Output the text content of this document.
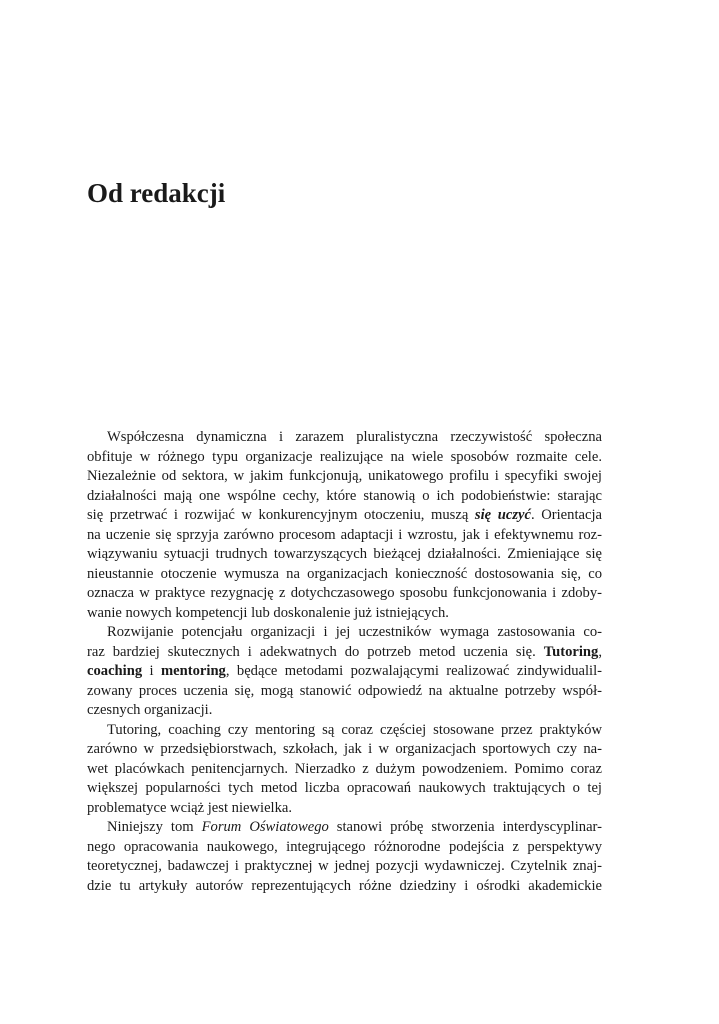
Od redakcji
Współczesna dynamiczna i zarazem pluralistyczna rzeczywistość społeczna
obfituje w różnego typu organizacje realizujące na wiele sposobów rozmaite cele.
Niezależnie od sektora, w jakim funkcjonują, unikatowego profilu i specyfiki swojej
działalności mają one wspólne cechy, które stanowią o ich podobieństwie: starając
się przetrwać i rozwijać w konkurencyjnym otoczeniu, muszą się uczyć. Orientacja
na uczenie się sprzyja zarówno procesom adaptacji i wzrostu, jak i efektywnemu roz-
wiązywaniu sytuacji trudnych towarzyszących bieżącej działalności. Zmieniające się
nieustannie otoczenie wymusza na organizacjach konieczność dostosowania się, co
oznacza w praktyce rezygnację z dotychczasowego sposobu funkcjonowania i zdoby-
wanie nowych kompetencji lub doskonalenie już istniejących.
Rozwijanie potencjału organizacji i jej uczestników wymaga zastosowania co-
raz bardziej skutecznych i adekwatnych do potrzeb metod uczenia się. Tutoring,
coaching i mentoring, będące metodami pozwalającymi realizować zindywidualil-
zowany proces uczenia się, mogą stanowić odpowiedź na aktualne potrzeby współ-
czesnych organizacji.
Tutoring, coaching czy mentoring są coraz częściej stosowane przez praktyków
zarówno w przedsiębiorstwach, szkołach, jak i w organizacjach sportowych czy na-
wet placówkach penitencjarnych. Nierzadko z dużym powodzeniem. Pomimo coraz
większej popularności tych metod liczba opracowań naukowych traktujących o tej
problematyce wciąż jest niewielka.
Niniejszy tom Forum Oświatowego stanowi próbę stworzenia interdyscyplinar-
nego opracowania naukowego, integrującego różnorodne podejścia z perspektywy
teoretycznej, badawczej i praktycznej w jednej pozycji wydawniczej. Czytelnik znaj-
dzie tu artykuły autorów reprezentujących różne dziedziny i ośrodki akademickie
